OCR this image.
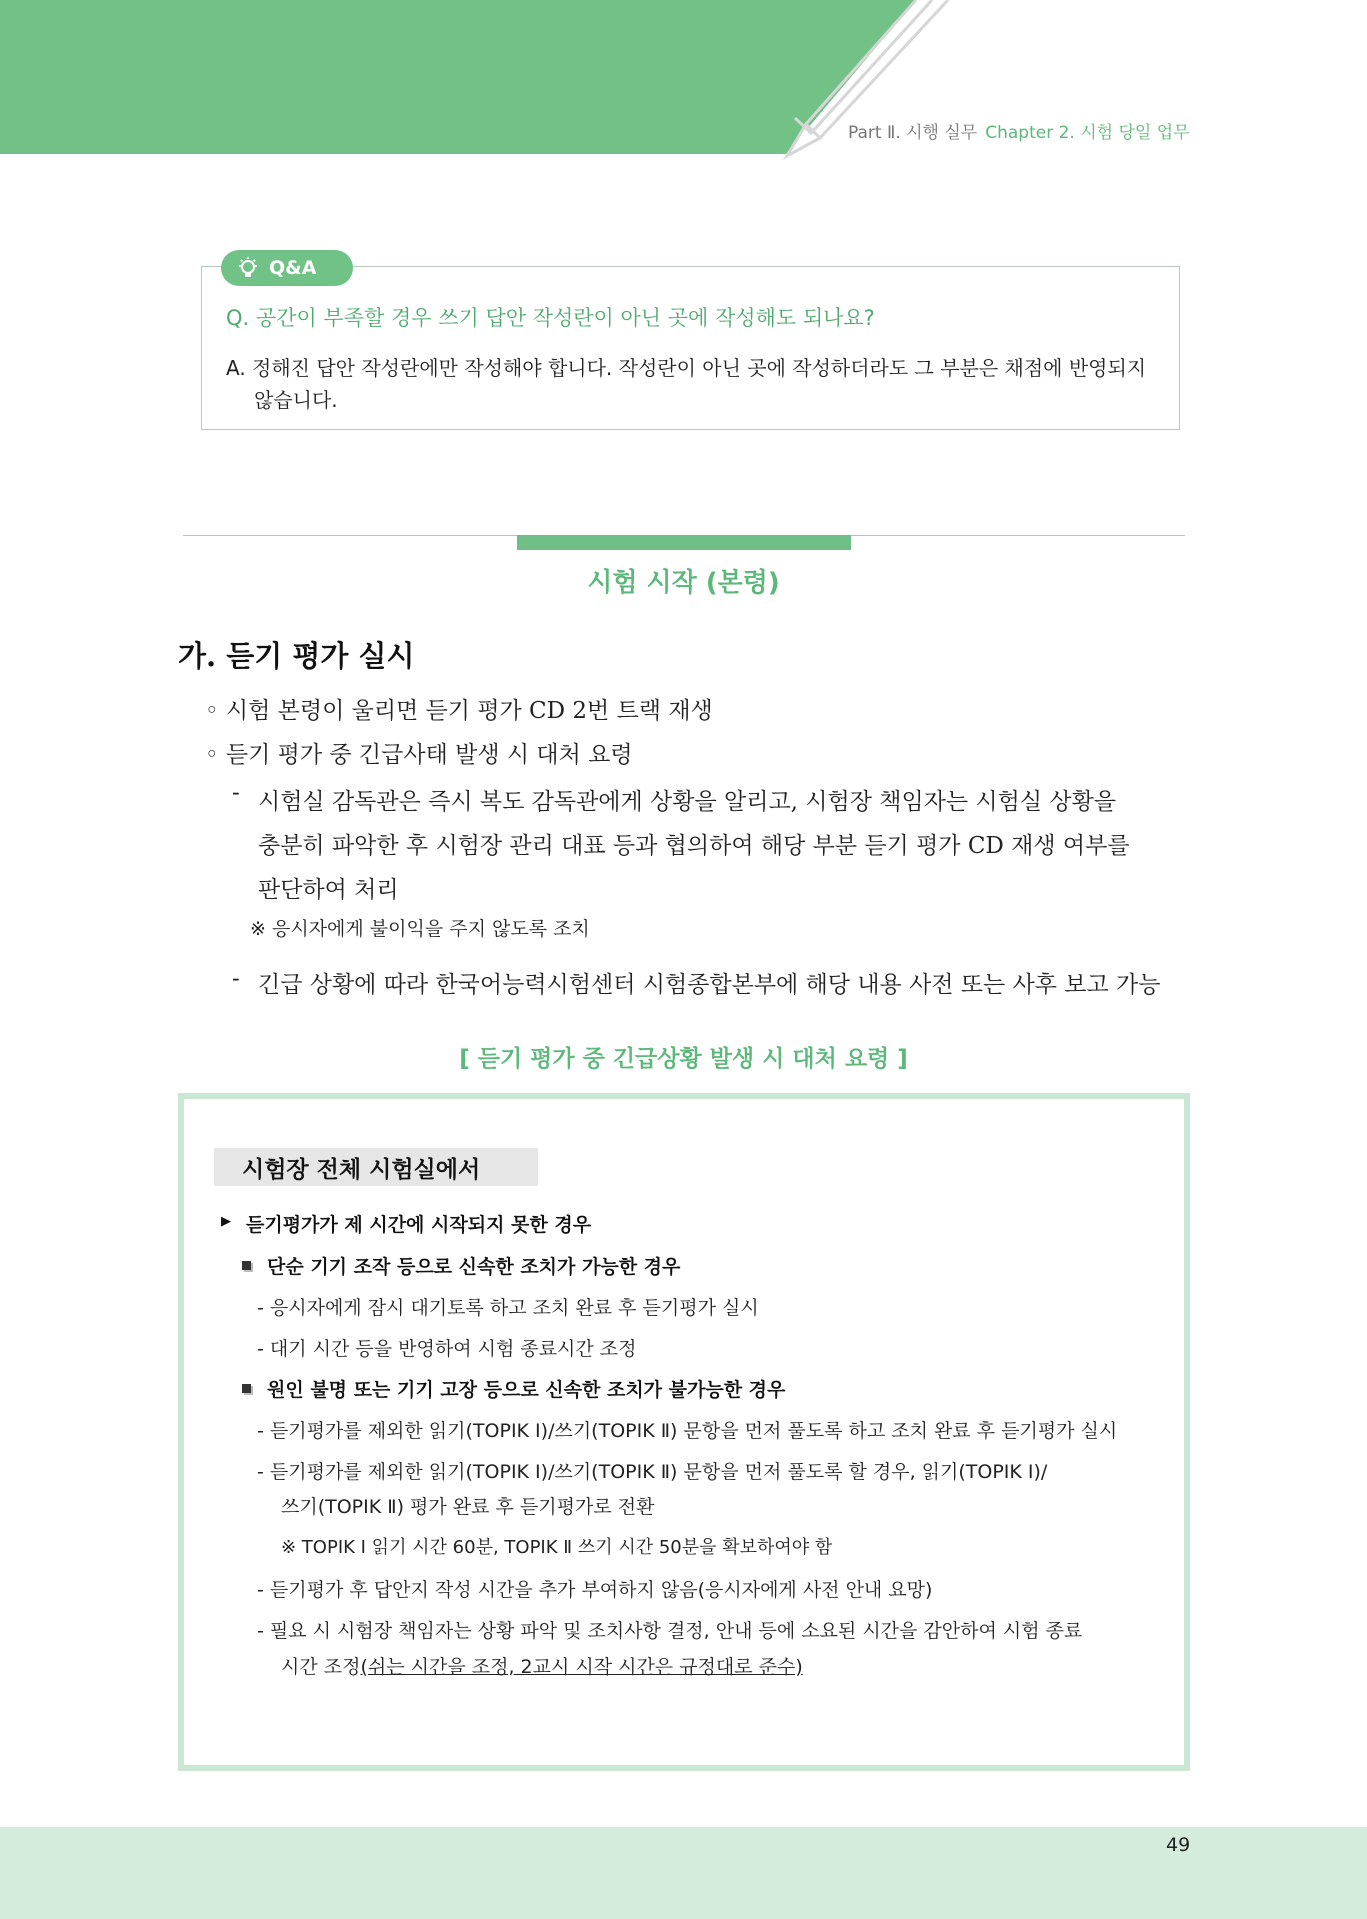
Part Ⅱ. 시행 실무 Chapter 2. 시험 당일 업무
Q&A
Q. 공간이 부족할 경우 쓰기 답안 작성란이 아닌 곳에 작성해도 되나요?
A. 정해진 답안 작성란에만 작성해야 합니다. 작성란이 아닌 곳에 작성하더라도 그 부분은 채점에 반영되지
않습니다.
시험 시작 (본령)
가. 듣기 평가 실시
◦ 시험 본령이 울리면 듣기 평가 CD 2번 트랙 재생
◦ 듣기 평가 중 긴급사태 발생 시 대처 요령
- 시험실 감독관은 즉시 복도 감독관에게 상황을 알리고, 시험장 책임자는 시험실 상황을
충분히 파악한 후 시험장 관리 대표 등과 협의하여 해당 부분 듣기 평가 CD 재생 여부를
판단하여 처리
※ 응시자에게 불이익을 주지 않도록 조치
- 긴급 상황에 따라 한국어능력시험센터 시험종합본부에 해당 내용 사전 또는 사후 보고 가능
[ 듣기 평가 중 긴급상황 발생 시 대처 요령 ]
시험장 전체 시험실에서
▶ 듣기평가가 제 시간에 시작되지 못한 경우
단순 기기 조작 등으로 신속한 조치가 가능한 경우
- 응시자에게 잠시 대기토록 하고 조치 완료 후 듣기평가 실시
- 대기 시간 등을 반영하여 시험 종료시간 조정
원인 불명 또는 기기 고장 등으로 신속한 조치가 불가능한 경우
- 듣기평가를 제외한 읽기(TOPIK Ⅰ)/쓰기(TOPIK Ⅱ) 문항을 먼저 풀도록 하고 조치 완료 후 듣기평가 실시
- 듣기평가를 제외한 읽기(TOPIK Ⅰ)/쓰기(TOPIK Ⅱ) 문항을 먼저 풀도록 할 경우, 읽기(TOPIK Ⅰ)/
쓰기(TOPIK Ⅱ) 평가 완료 후 듣기평가로 전환
※ TOPIK Ⅰ 읽기 시간 60분, TOPIK Ⅱ 쓰기 시간 50분을 확보하여야 함
- 듣기평가 후 답안지 작성 시간을 추가 부여하지 않음(응시자에게 사전 안내 요망)
- 필요 시 시험장 책임자는 상황 파악 및 조치사항 결정, 안내 등에 소요된 시간을 감안하여 시험 종료
시간 조정(쉬는 시간을 조정, 2교시 시작 시간은 규정대로 준수)
49
